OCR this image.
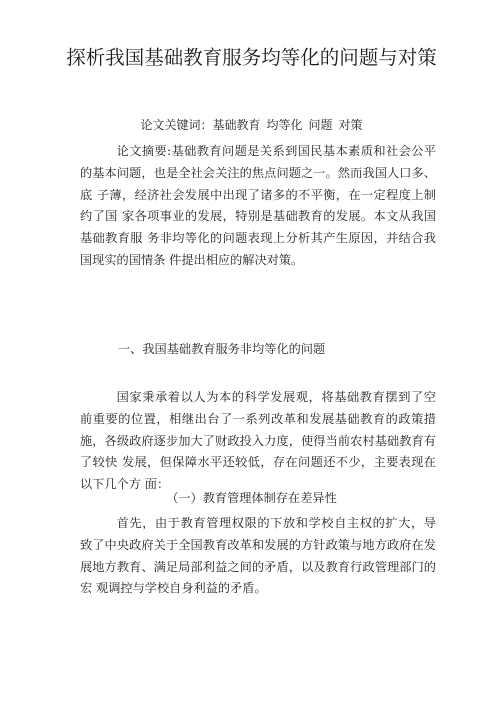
探析我国基础教育服务均等化的问题与对策

论文关键词：基础教育 均等化 问题 对策

论文摘要:基础教育问题是关系到国民基本素质和社会公平 的基本问题，也是全社会关注的焦点问题之一。然而我国人口多、底 子薄，经济社会发展中出现了诸多的不平衡，在一定程度上制约了国 家各项事业的发展，特别是基础教育的发展。本文从我国基础教育服 务非均等化的问题表现上分析其产生原因，并结合我国现实的国情条 件提出相应的解决对策。

一、我国基础教育服务非均等化的问题

国家秉承着以人为本的科学发展观，将基础教育摆到了空 前重要的位置，相继出台了一系列改革和发展基础教育的政策措施，各级政府逐步加大了财政投入力度，使得当前农村基础教育有了较快 发展，但保障水平还较低，存在问题还不少，主要表现在以下几个方 面：

（一）教育管理体制存在差异性

首先，由于教育管理权限的下放和学校自主权的扩大，导 致了中央政府关于全国教育改革和发展的方针政策与地方政府在发 展地方教育、满足局部利益之间的矛盾，以及教育行政管理部门的宏 观调控与学校自身利益的矛盾。
